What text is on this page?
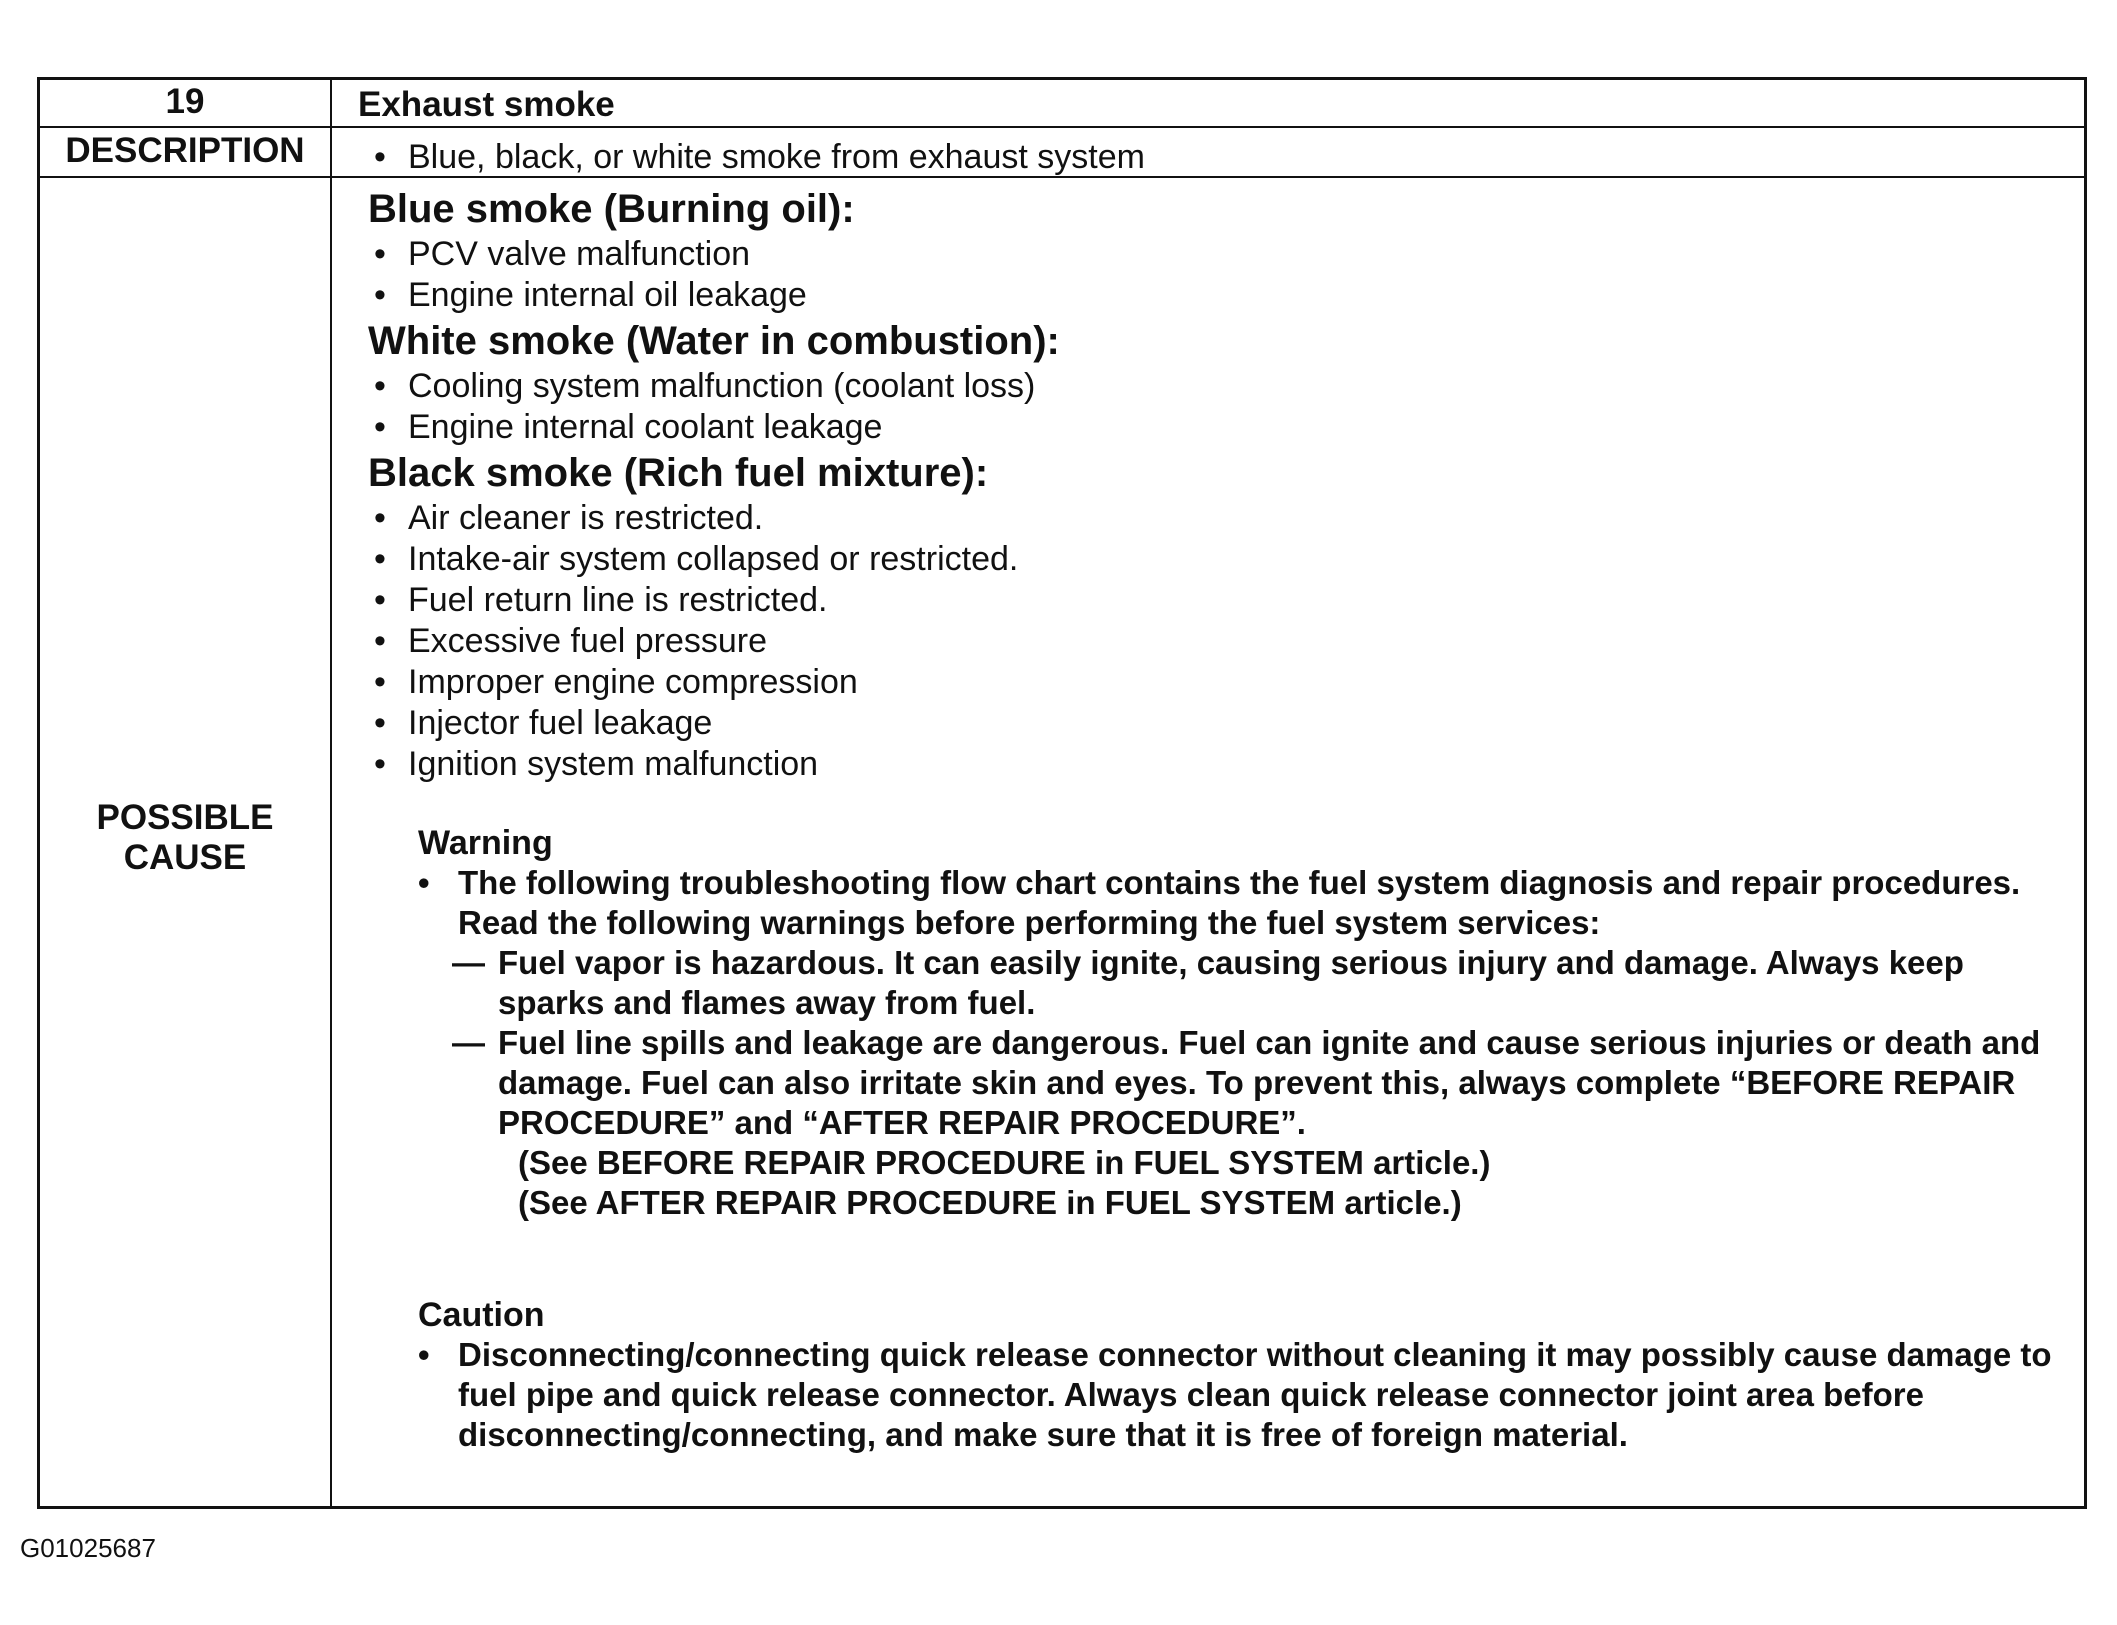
19	Exhaust smoke
DESCRIPTION
•	Blue, black, or white smoke from exhaust system
POSSIBLE
CAUSE
Blue smoke (Burning oil):
• PCV valve malfunction
• Engine internal oil leakage
White smoke (Water in combustion):
• Cooling system malfunction (coolant loss)
• Engine internal coolant leakage
Black smoke (Rich fuel mixture):
• Air cleaner is restricted.
• Intake-air system collapsed or restricted.
• Fuel return line is restricted.
• Excessive fuel pressure
• Improper engine compression
• Injector fuel leakage
• Ignition system malfunction
Warning
• The following troubleshooting flow chart contains the fuel system diagnosis and repair procedures. Read the following warnings before performing the fuel system services:
— Fuel vapor is hazardous. It can easily ignite, causing serious injury and damage. Always keep sparks and flames away from fuel.
— Fuel line spills and leakage are dangerous. Fuel can ignite and cause serious injuries or death and damage. Fuel can also irritate skin and eyes. To prevent this, always complete “BEFORE REPAIR PROCEDURE” and “AFTER REPAIR PROCEDURE”.
(See BEFORE REPAIR PROCEDURE in FUEL SYSTEM article.)
(See AFTER REPAIR PROCEDURE in FUEL SYSTEM article.)
Caution
• Disconnecting/connecting quick release connector without cleaning it may possibly cause damage to fuel pipe and quick release connector. Always clean quick release connector joint area before disconnecting/connecting, and make sure that it is free of foreign material.
G01025687
